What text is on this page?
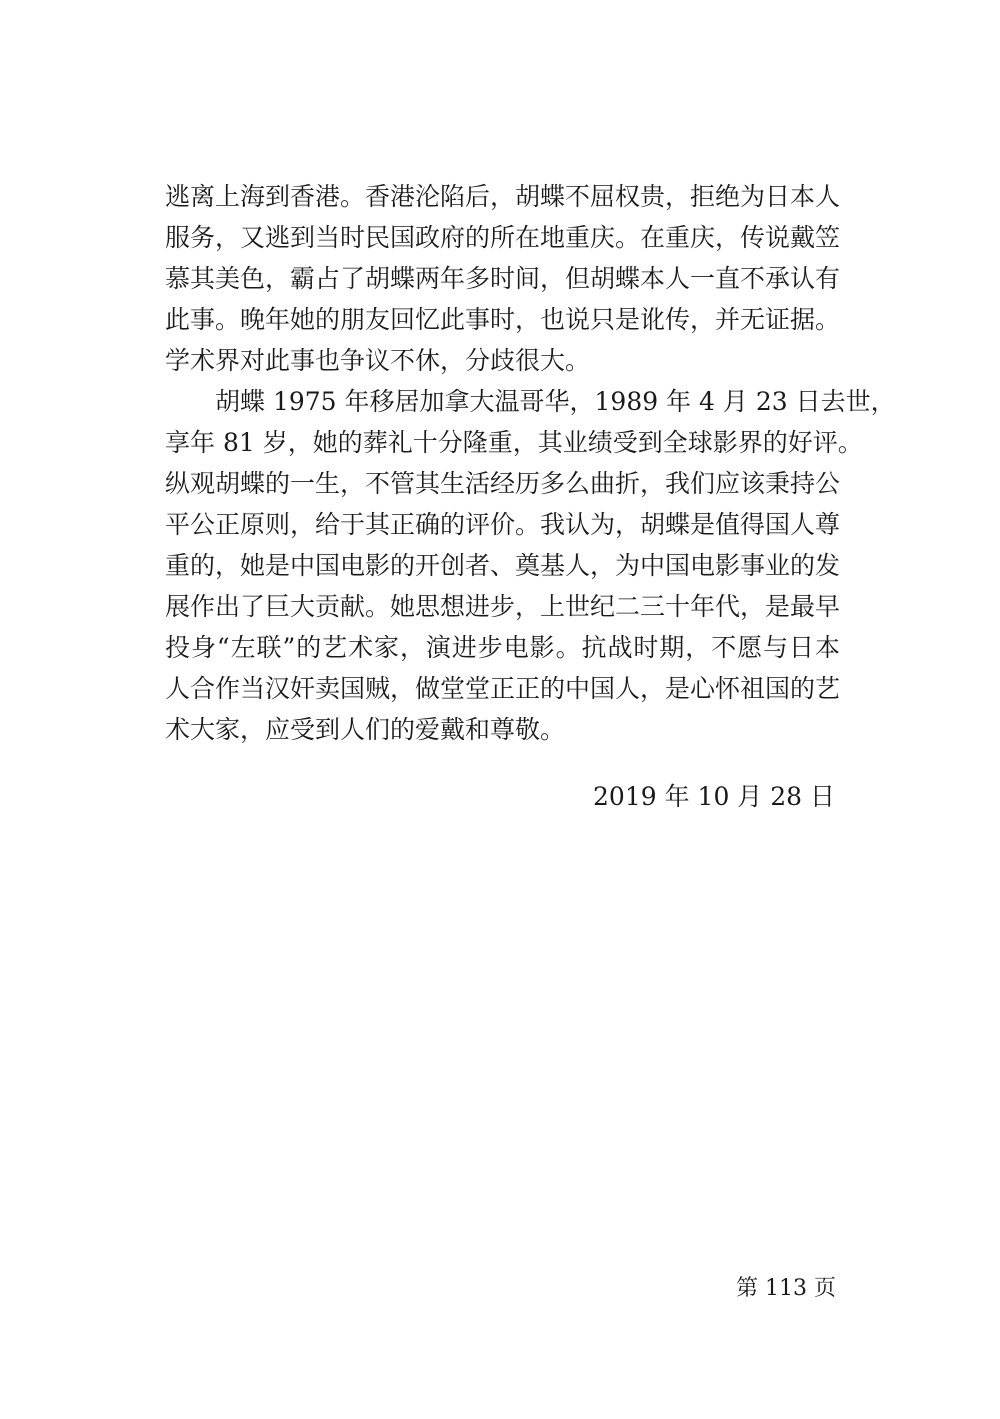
逃离上海到香港。香港沦陷后，胡蝶不屈权贵，拒绝为日本人
服务，又逃到当时民国政府的所在地重庆。在重庆，传说戴笠
慕其美色，霸占了胡蝶两年多时间，但胡蝶本人一直不承认有
此事。晚年她的朋友回忆此事时，也说只是讹传，并无证据。
学术界对此事也争议不休，分歧很大。
胡蝶 1975 年移居加拿大温哥华，1989 年 4 月 23 日去世，
享年 81 岁，她的葬礼十分隆重，其业绩受到全球影界的好评。
纵观胡蝶的一生，不管其生活经历多么曲折，我们应该秉持公
平公正原则，给于其正确的评价。我认为，胡蝶是值得国人尊
重的，她是中国电影的开创者、奠基人，为中国电影事业的发
展作出了巨大贡献。她思想进步，上世纪二三十年代，是最早
投身“左联”的艺术家，演进步电影。抗战时期，不愿与日本
人合作当汉奸卖国贼，做堂堂正正的中国人，是心怀祖国的艺
术大家，应受到人们的爱戴和尊敬。
2019 年 10 月 28 日
第 113 页
